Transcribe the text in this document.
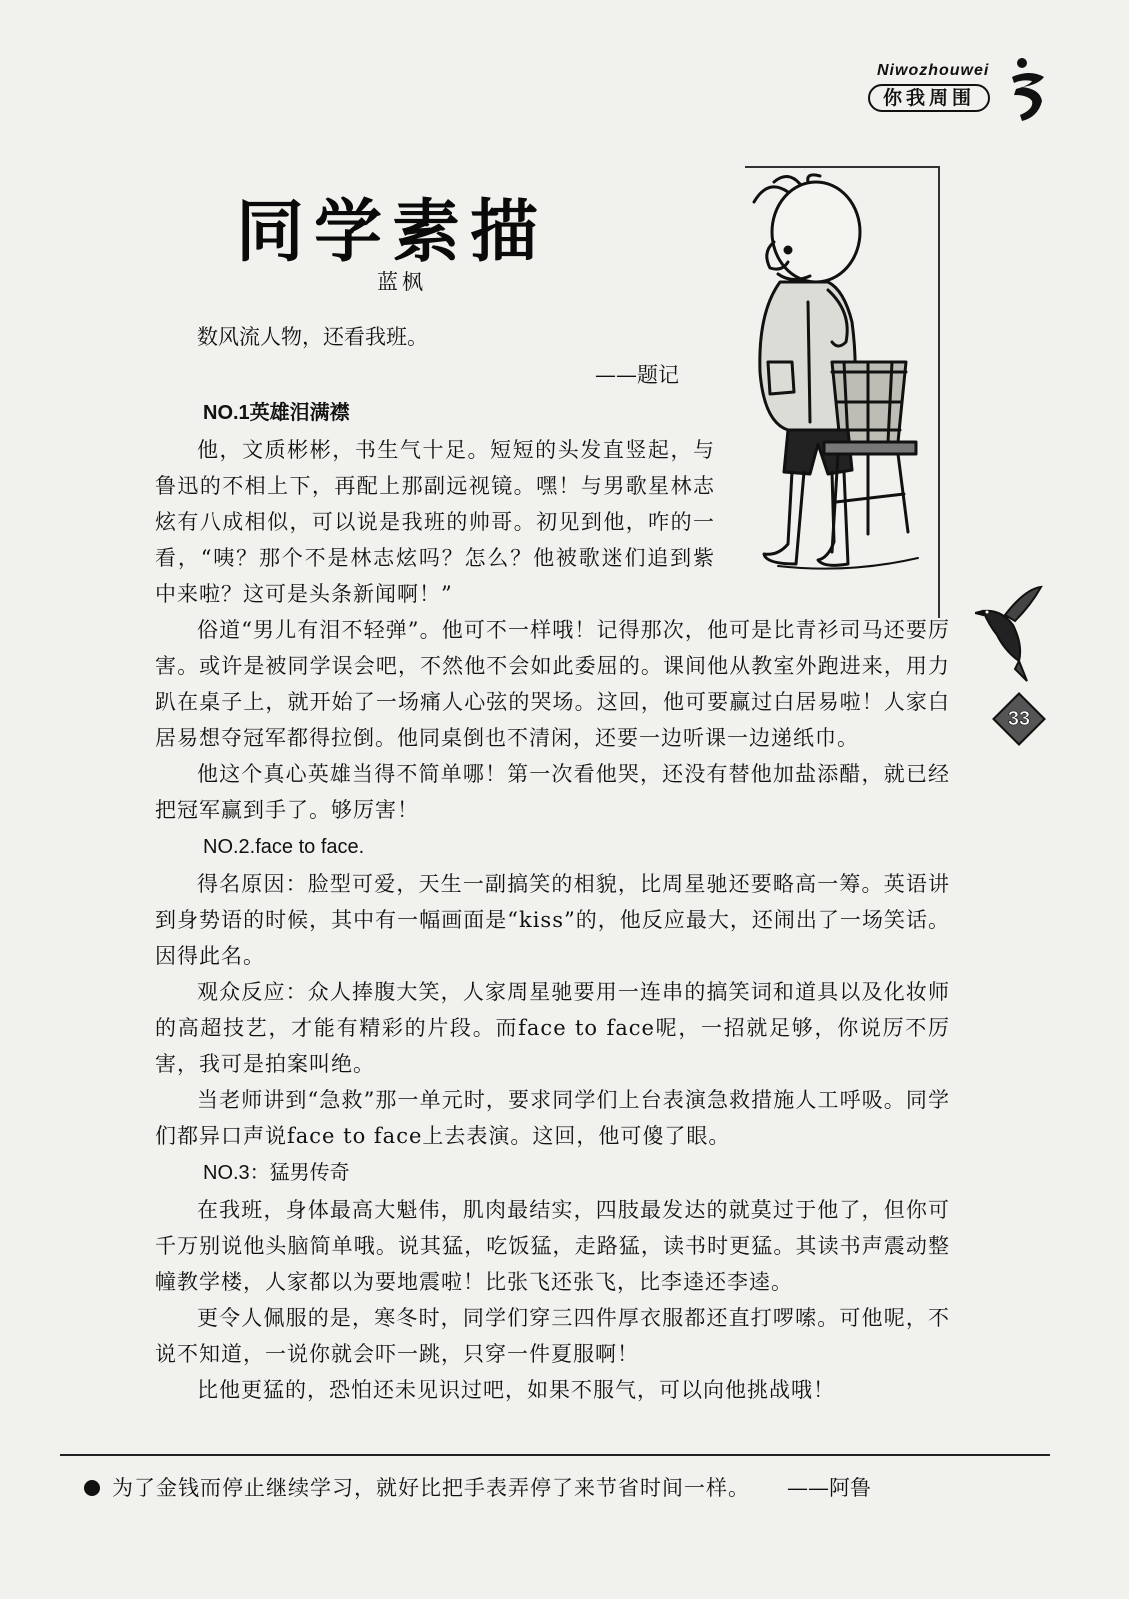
Niwozhouwei
你我周围
同学素描
蓝枫

数风流人物，还看我班。

——题记

NO.1英雄泪满襟

他，文质彬彬，书生气十足。短短的头发直竖起，与鲁迅的不相上下，再配上那副远视镜。嘿！与男歌星林志炫有八成相似，可以说是我班的帅哥。初见到他，咋的一看，“咦？那个不是林志炫吗？怎么？他被歌迷们追到紫中来啦？这可是头条新闻啊！”

俗道“男儿有泪不轻弹”。他可不一样哦！记得那次，他可是比青衫司马还要厉害。或许是被同学误会吧，不然他不会如此委屈的。课间他从教室外跑进来，用力趴在桌子上，就开始了一场痛人心弦的哭场。这回，他可要赢过白居易啦！人家白居易想夺冠军都得拉倒。他同桌倒也不清闲，还要一边听课一边递纸巾。

他这个真心英雄当得不简单哪！第一次看他哭，还没有替他加盐添醋，就已经把冠军赢到手了。够厉害！

NO.2.face to face.

得名原因：脸型可爱，天生一副搞笑的相貌，比周星驰还要略高一筹。英语讲到身势语的时候，其中有一幅画面是“kiss”的，他反应最大，还闹出了一场笑话。因得此名。

观众反应：众人捧腹大笑，人家周星驰要用一连串的搞笑词和道具以及化妆师的高超技艺，才能有精彩的片段。而face to face呢，一招就足够，你说厉不厉害，我可是拍案叫绝。

当老师讲到“急救”那一单元时，要求同学们上台表演急救措施人工呼吸。同学们都异口声说face to face上去表演。这回，他可傻了眼。

NO.3：猛男传奇

在我班，身体最高大魁伟，肌肉最结实，四肢最发达的就莫过于他了，但你可千万别说他头脑简单哦。说其猛，吃饭猛，走路猛，读书时更猛。其读书声震动整幢教学楼，人家都以为要地震啦！比张飞还张飞，比李逵还李逵。

更令人佩服的是，寒冬时，同学们穿三四件厚衣服都还直打啰嗦。可他呢，不说不知道，一说你就会吓一跳，只穿一件夏服啊！

比他更猛的，恐怕还未见识过吧，如果不服气，可以向他挑战哦！

33
为了金钱而停止继续学习，就好比把手表弄停了来节省时间一样。 ——阿鲁
